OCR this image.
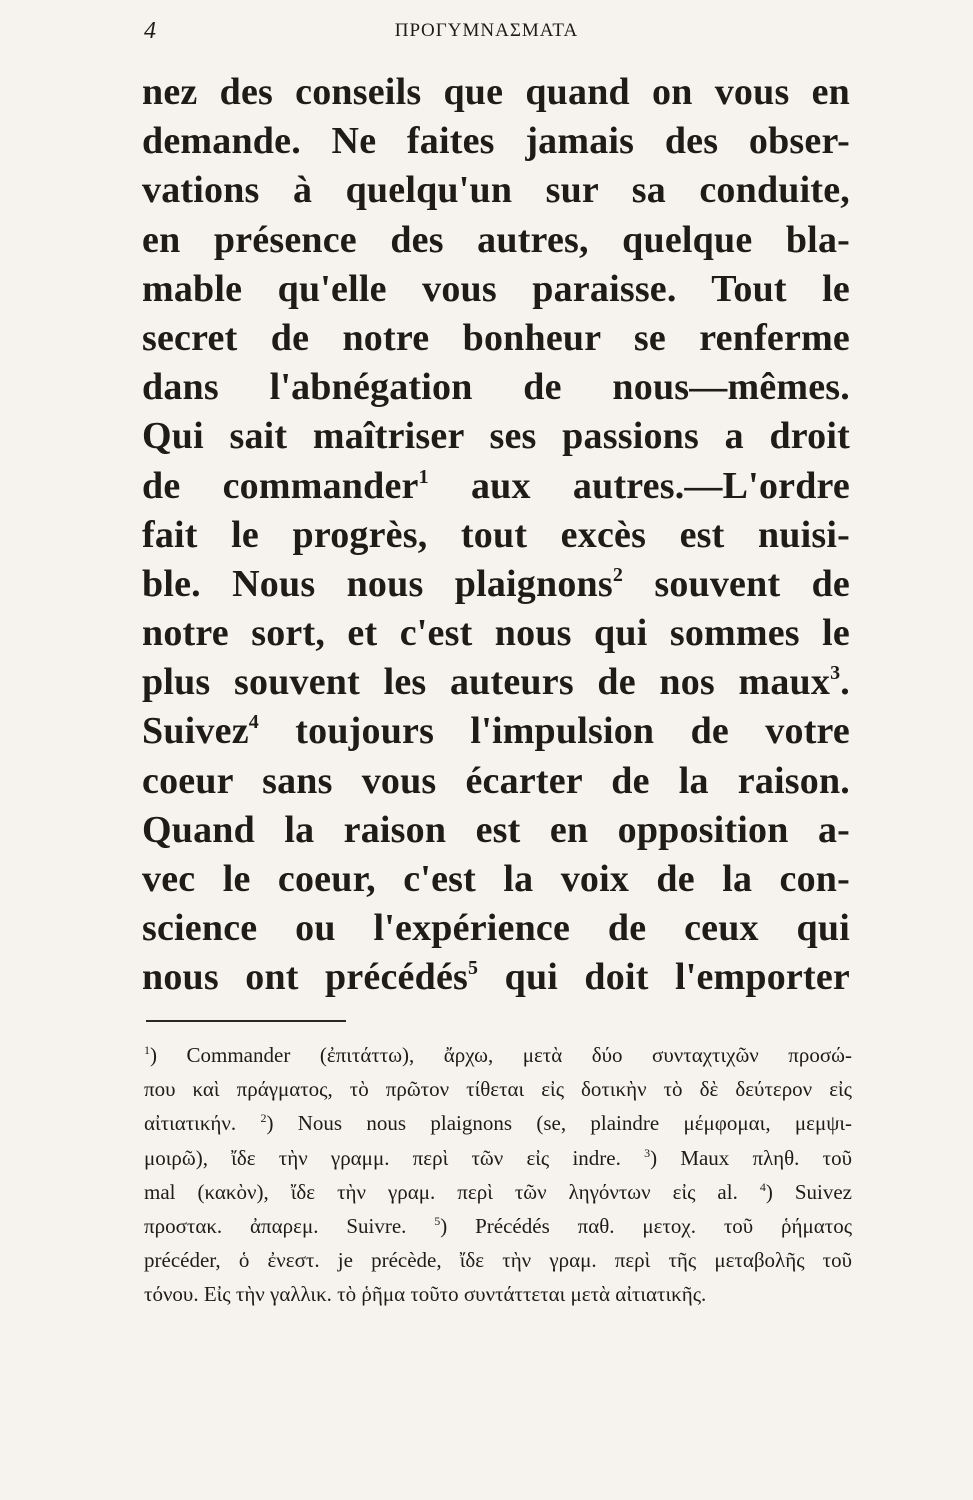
4	ΠΡΟΓΥΜΝΑΣΜΑΤΑ
nez des conseils que quand on vous en
demande. Ne faites jamais des obser-
vations à quelqu'un sur sa conduite,
en présence des autres, quelque bla-
mable qu'elle vous paraisse. Tout le
secret de notre bonheur se renferme
dans l'abnégation de nous—mêmes.
Qui sait maîtriser ses passions a droit
de commander$^1$ aux autres.—L'ordre
fait le progrès, tout excès est nuisi-
ble. Nous nous plaignons$^2$ souvent de
notre sort, et c'est nous qui sommes le
plus souvent les auteurs de nos maux$^3$.
Suivez$^4$ toujours l'impulsion de votre
coeur sans vous écarter de la raison.
Quand la raison est en opposition a-
vec le coeur, c'est la voix de la con-
science ou l'expérience de ceux qui
nous ont précédés$^5$ qui doit l'emporter
$^1$) Commander (ἐπιτάττω), ἄρχω, μετὰ δύο συνταχτιχῶν προσώ-
που καὶ πράγματος, τὸ πρῶτον τίθεται εἰς δοτικὴν τὸ δὲ δεύτερον εἰς
αἰτιατικήν. $^2$) Nous nous plaignons (se, plaindre μέμφομαι, μεμψι-
μοιρῶ), ἴδε τὴν γραμμ. περὶ τῶν εἰς indre. $^3$) Maux πληθ. τοῦ
mal (κακὸν), ἴδε τὴν γραμ. περὶ τῶν ληγόντων εἰς al. $^4$) Suivez
προστακ. ἀπαρεμ. Suivre. $^5$) Précédés παθ. μετοχ. τοῦ ῥήματος
précéder, ὁ ἐνεστ. je précède, ἴδε τὴν γραμ. περὶ τῆς μεταβολῆς τοῦ
τόνου. Εἰς τὴν γαλλικ. τὸ ῥῆμα τοῦτο συντάττεται μετὰ αἰτιατικῆς.
